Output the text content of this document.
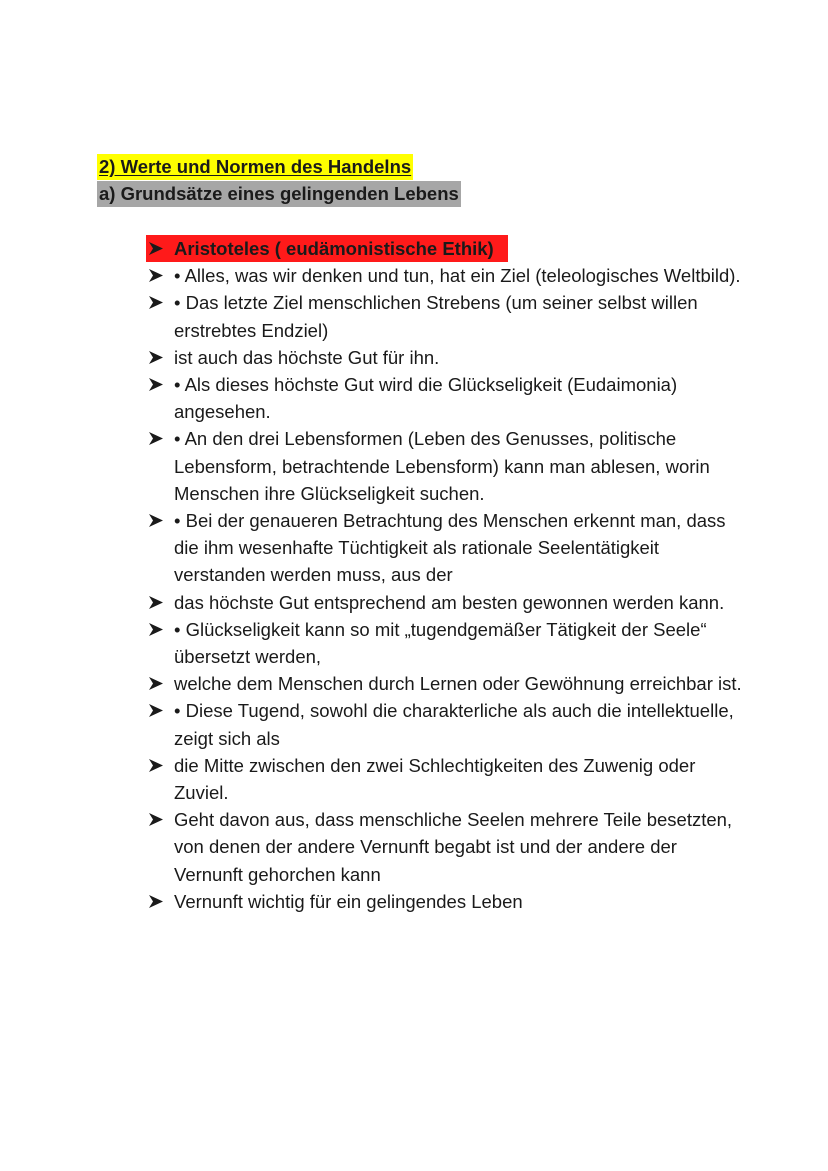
2) Werte und Normen des Handelns
a) Grundsätze eines gelingenden Lebens
Aristoteles ( eudämonistische Ethik)
• Alles, was wir denken und tun, hat ein Ziel (teleologisches Weltbild).
• Das letzte Ziel menschlichen Strebens (um seiner selbst willen erstrebtes Endziel)
ist auch das höchste Gut für ihn.
• Als dieses höchste Gut wird die Glückseligkeit (Eudaimonia) angesehen.
• An den drei Lebensformen (Leben des Genusses, politische Lebensform, betrachtende Lebensform) kann man ablesen, worin Menschen ihre Glückseligkeit suchen.
• Bei der genaueren Betrachtung des Menschen erkennt man, dass die ihm wesenhafte Tüchtigkeit als rationale Seelentätigkeit verstanden werden muss, aus der
das höchste Gut entsprechend am besten gewonnen werden kann.
• Glückseligkeit kann so mit „tugendgemäßer Tätigkeit der Seele“ übersetzt werden,
welche dem Menschen durch Lernen oder Gewöhnung erreichbar ist.
• Diese Tugend, sowohl die charakterliche als auch die intellektuelle, zeigt sich als
die Mitte zwischen den zwei Schlechtigkeiten des Zuwenig oder Zuviel.
Geht davon aus, dass menschliche Seelen mehrere Teile besetzten, von denen der andere Vernunft begabt ist und der andere der Vernunft gehorchen kann
Vernunft wichtig für ein gelingendes Leben
